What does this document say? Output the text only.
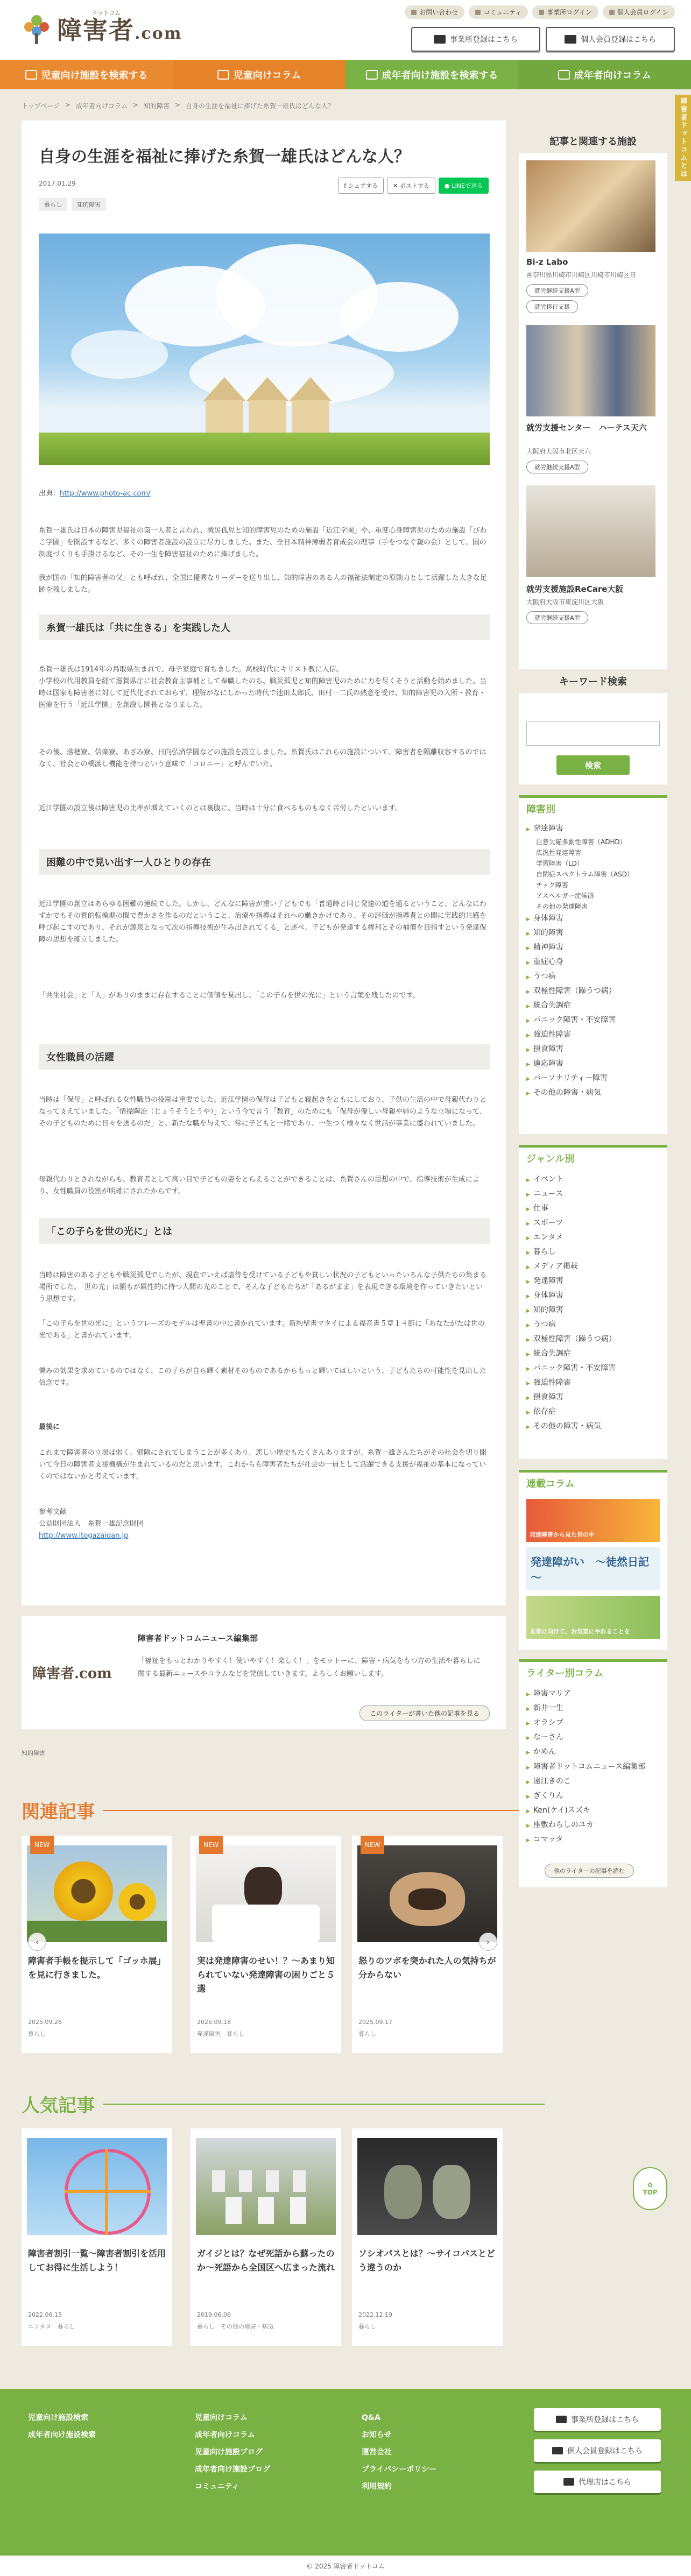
障害者.com
ドットコム	お問い合わせ	コミュニティ	事業所ログイン	個人会員ログイン
事業所登録はこちら	個人会員登録はこちら
児童向け施設を検索する	児童向けコラム	成年者向け施設を検索する	成年者向けコラム
障害者ドットコムとは
トップページ > 成年者向けコラム > 知的障害 > 自身の生涯を福祉に捧げた糸賀一雄氏はどんな人？
自身の生涯を福祉に捧げた糸賀一雄氏はどんな人？
2017.01.29	f シェアする	✕ ポストする	● LINEで送る
暮らし	知的障害
出典：http://www.photo-ac.com/

糸賀一雄氏は日本の障害児福祉の第一人者と言われ、戦災孤児と知的障害児のための施設「近江学園」や、重度心身障害児のための施設「びわこ学園」を開設するなど、多くの障害者施設の設立に尽力しました。また、全日本精神薄弱者育成会の理事（手をつなぐ親の会）として、国の制度づくりも手掛けるなど、その一生を障害福祉のために捧げました。

我が国の「知的障害者の父」とも呼ばれ、全国に優秀なリーダーを送り出し、知的障害のある人の福祉法制定の原動力として活躍した大きな足跡を残しました。

糸賀一雄氏は「共に生きる」を実践した人

糸賀一雄氏は1914年の鳥取県生まれで、母子家庭で育ちました。高校時代にキリスト教に入信。

小学校の代用教員を経て滋賀県庁に社会教育主事補として奉職したのち、戦災孤児と知的障害児のために力を尽くそうと活動を始めました。当時は国家も障害者に対して近代化されておらず、理解がなにしかった時代で池田太郎氏、田村一二氏の熱意を受け、知的障害児の入所・教育・医療を行う「近江学園」を創設し園長となりました。

その後、落穂寮、信楽寮、あざみ寮、日向弘済学園などの施設を設立しました。糸賀氏はこれらの施設について、障害者を隔離収容するのではなく、社会との橋渡し機能を持つという意味で「コロニー」と呼んでいた。

近江学園の設立後は障害児の比率が増えていくのとは裏腹に、当時は十分に食べるものもなく苦労したといいます。

困難の中で見い出す一人ひとりの存在

近江学園の創立はあらゆる困難の連続でした。しかし、どんなに障害が重い子どもでも「普通時と同じ発達の道を通るということ、どんなにわずかでもその質的転換期の間で豊かさを作るのだということ、治療や指導はそれへの働きかけであり、その評価が指導者との間に実践的共感を呼び起こすのであり、それが源泉となって次の指導技術が生み出されてくる」と述べ、子どもが発達する権利とその補償を目指すという発達保障の思想を確立しました。

「共生社会」と「人」がありのままに存在することに価値を見出し、「この子らを世の光に」という言葉を残したのです。

女性職員の活躍

当時は「保母」と呼ばれる女性職員の役割は重要でした。近江学園の保母は子どもと寝起きをともにしており、子供の生活の中で母親代わりとなって支えていました。「情操陶冶（じょうそうとうや）」という今で言う「教育」のためにも「保母が優しい母親や姉のような立場になって、その子どものために日々を送るのだ」と、新たな職を与えて、常に子どもと一緒であり、一生つく様々なく世話が事業に盛われていました。

母親代わりとされながらも、教育者として高い目で子どもの姿をとらえることができることは、糸賀さんの思想の中で、指導技術が生成により、女性職員の役割が明確にされたからです。

「この子らを世の光に」とは

当時は障害のある子どもや戦災孤児でしたが、現在でいえば虐待を受けている子どもや貧しい状況の子どもといったいろんな子供たちの集まる場所でした。「世の光」は園もが属性的に持つ人間の光のことで、そんな子どもたちが「あるがまま」を表現できる環境を作っていきたいという思想です。

「この子らを世の光に」というフレーズのモデルは聖書の中に書かれています。新約聖書マタイによる福音書５章１４節に「あなたがたは世の光である」と書かれています。

憐みの効果を求めているのではなく、この子らが自ら輝く素材そのものであるからもっと輝いてはしいという、子どもたちの可能性を見出した信念です。

最後に

これまで障害者の立場は弱く、邪険にされてしまうことが多くあり、悲しい歴史もたくさんありますが、糸賀一雄さんたちがその社会を切り開いて今日の障害者支援機構が生まれているのだと思います。これからも障害者たちが社会の一員として活躍できる支援が福祉の基本になっていくのではないかと考えています。

参考文献
公益財団法人　糸賀一雄記念財団
http://www.itogazaidan.jp
障害者.com
障害者ドットコムニュース編集部
「福祉をもっとわかりやすく！使いやすく！楽しく！」をモットーに、障害・病気をもつ方の生活や暮らしに関する最新ニュースやコラムなどを発信していきます。よろしくお願いします。
このライターが書いた他の記事を見る
知的障害
関連記事
NEW
障害者手帳を提示して「ゴッホ展」を見に行きました。
2025.09.26
暮らし
NEW
実は発達障害のせい！？〜あまり知られていない発達障害の困りごと５選
2025.09.18
発達障害　暮らし
NEW
怒りのツボを突かれた人の気持ちが分からない
2025.09.17
暮らし
‹	›
人気記事
障害者割引一覧〜障害者割引を活用してお得に生活しよう！
2022.06.15
エンタメ　暮らし
ガイジとは？なぜ死語から蘇ったのか〜死語から全国区へ広まった流れ
2019.06.06
暮らし　その他の障害・病気
ソシオパスとは？〜サイコパスとどう違うのか
2022.12.19
暮らし
記事と関連する施設
Bi-z Labo
神奈川県川崎市川崎区川崎市川崎区日
就労継続支援A型
就労移行支援
就労支援センター　ハーテス天六
大阪府大阪市北区天六
就労継続支援A型
就労支援施設ReCare大阪
大阪府大阪市東淀川区大阪
就労継続支援A型
キーワード検索
検索
障害別
▶ 発達障害
注意欠陥多動性障害（ADHD）
広汎性発達障害
学習障害（LD）
自閉症スペクトラム障害（ASD）
チック障害
アスペルガー症候群
その他の発達障害
▶ 身体障害
▶ 知的障害
▶ 精神障害
▶ 重症心身
▶ うつ病
▶ 双極性障害（躁うつ病）
▶ 統合失調症
▶ パニック障害・不安障害
▶ 強迫性障害
▶ 摂食障害
▶ 適応障害
▶ パーソナリティー障害
▶ その他の障害・病気
ジャンル別
▶ イベント
▶ ニュース
▶ 仕事
▶ スポーツ
▶ エンタメ
▶ 暮らし
▶ メディア掲載
▶ 発達障害
▶ 身体障害
▶ 知的障害
▶ うつ病
▶ 双極性障害（躁うつ病）
▶ 統合失調症
▶ パニック障害・不安障害
▶ 強迫性障害
▶ 摂食障害
▶ 依存症
▶ その他の障害・病気
連載コラム
発達障害から見た世の中
発達障がい　～徒然日記～
未来に向けて、お気楽にやれることを
ライター別コラム
▶ 障害マリア
▶ 新井一生
▶ オラシブ
▶ なーさん
▶ かめん
▶ 障害者ドットコムニュース編集部
▶ 遠江きのこ
▶ ぎくりん
▶ Ken(ケイ)スズキ
▶ 座敷わらしのユカ
▶ コマッタ
他のライターの記事を読む
✿
TOP
児童向け施設検索
成年者向け施設検索
児童向けコラム
成年者向けコラム
児童向け施設ブログ
成年者向け施設ブログ
コミュニティ
Q&A
お知らせ
運営会社
プライバシーポリシー
利用規約
事業所登録はこちら
個人会員登録はこちら
代理店はこちら
© 2025 障害者ドットコム
